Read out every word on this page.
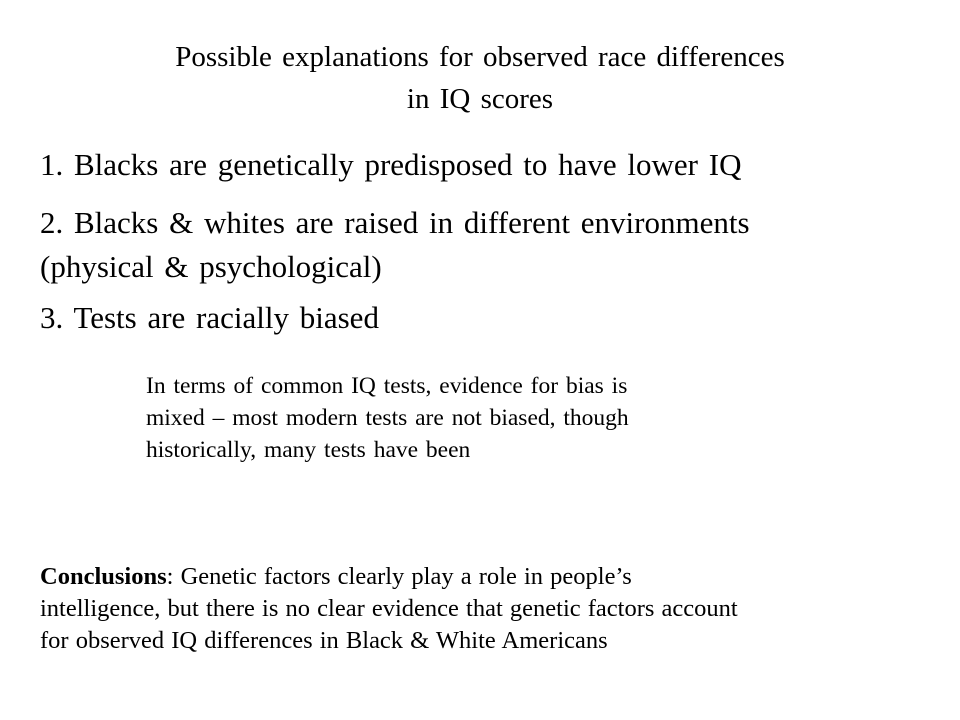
Possible explanations for observed race differences
in IQ scores
1. Blacks are genetically predisposed to have lower IQ
2. Blacks & whites are raised in different environments
(physical & psychological)
3. Tests are racially biased
In terms of common IQ tests, evidence for bias is
mixed – most modern tests are not biased, though
historically, many tests have been
Conclusions: Genetic factors clearly play a role in people’s
intelligence, but there is no clear evidence that genetic factors account
for observed IQ differences in Black & White Americans
